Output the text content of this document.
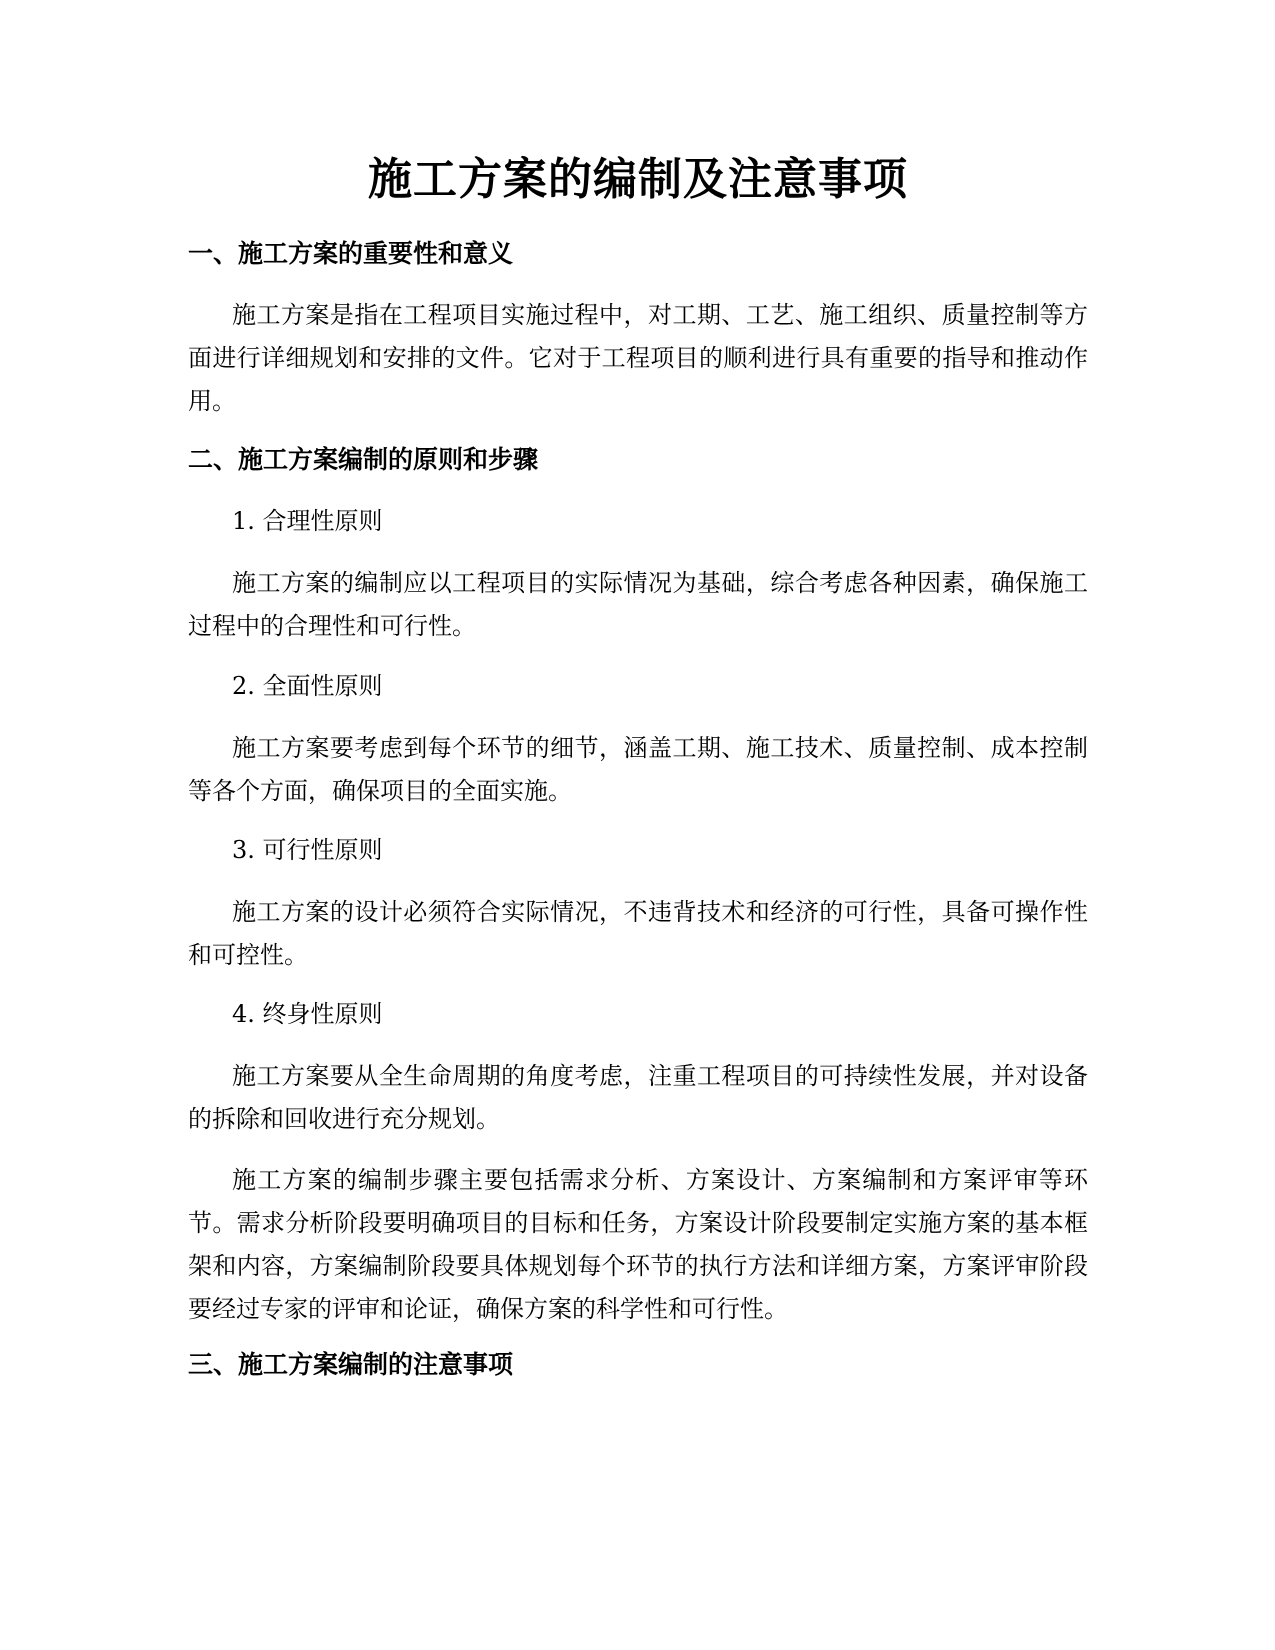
施工方案的编制及注意事项
一、施工方案的重要性和意义

施工方案是指在工程项目实施过程中，对工期、工艺、施工组织、质量控制等方面进行详细规划和安排的文件。它对于工程项目的顺利进行具有重要的指导和推动作用。

二、施工方案编制的原则和步骤

1. 合理性原则

施工方案的编制应以工程项目的实际情况为基础，综合考虑各种因素，确保施工过程中的合理性和可行性。

2. 全面性原则

施工方案要考虑到每个环节的细节，涵盖工期、施工技术、质量控制、成本控制等各个方面，确保项目的全面实施。

3. 可行性原则

施工方案的设计必须符合实际情况，不违背技术和经济的可行性，具备可操作性和可控性。

4. 终身性原则

施工方案要从全生命周期的角度考虑，注重工程项目的可持续性发展，并对设备的拆除和回收进行充分规划。

施工方案的编制步骤主要包括需求分析、方案设计、方案编制和方案评审等环节。需求分析阶段要明确项目的目标和任务，方案设计阶段要制定实施方案的基本框架和内容，方案编制阶段要具体规划每个环节的执行方法和详细方案，方案评审阶段要经过专家的评审和论证，确保方案的科学性和可行性。

三、施工方案编制的注意事项
